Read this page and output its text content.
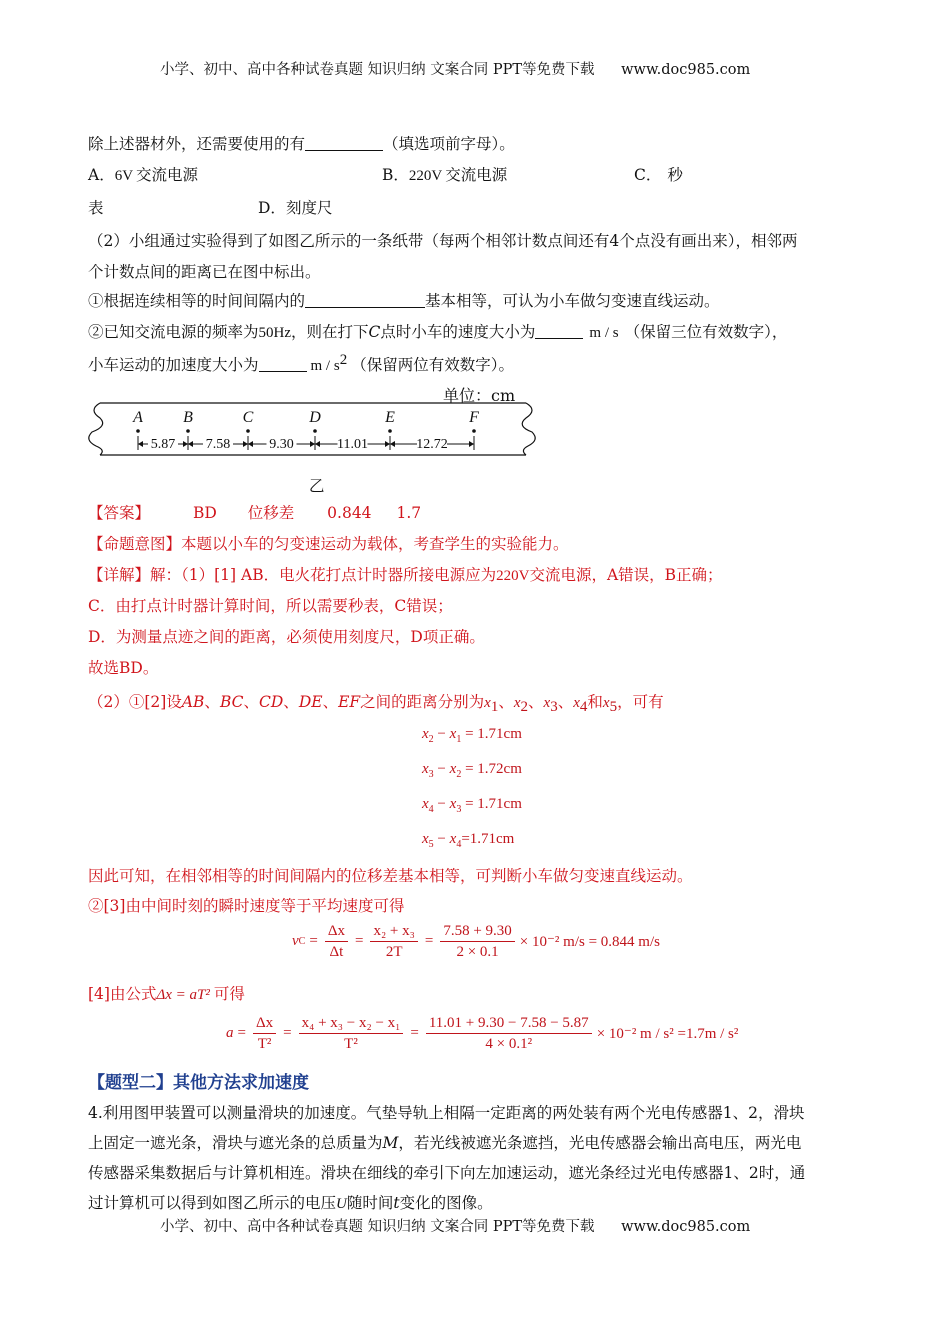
小学、初中、高中各种试卷真题 知识归纳 文案合同 PPT等免费下载 www.doc985.com
除上述器材外，还需要使用的有	（填选项前字母）。
A．6V 交流电源	B．220V 交流电源	C． 秒
表	D．刻度尺
（2）小组通过实验得到了如图乙所示的一条纸带（每两个相邻计数点间还有4个点没有画出来），相邻两
个计数点间的距离已在图中标出。
①根据连续相等的时间间隔内的	基本相等，可认为小车做匀变速直线运动。
②已知交流电源的频率为50Hz，则在打下C点时小车的速度大小为	m / s （保留三位有效数字），
小车运动的加速度大小为	m / $s^2$ （保留两位有效数字）。
单位：cm
A	B	C	D	E	F
5.87 7.58	9.30	11.01	12.72
乙
【答案】	BD 位移差 0.844 1.7
【命题意图】本题以小车的匀变速运动为载体，考查学生的实验能力。
【详解】解：（1）[1] AB．电火花打点计时器所接电源应为220V交流电源，A错误，B正确；
C．由打点计时器计算时间，所以需要秒表，C错误；
D．为测量点迹之间的距离，必须使用刻度尺，D项正确。
故选BD。
（2）①[2]设AB、BC、CD、DE、EF之间的距离分别为$x_1$、$x_2$、$x_3$、$x_4$和$x_5$，可有
$x_2 - x_1 = 1.71cm$
$x_3 - x_2 = 1.72cm$
$x_4 - x_3 = 1.71cm$
$x_5 - x_4=1.71cm$
因此可知，在相邻相等的时间间隔内的位移差基本相等，可判断小车做匀变速直线运动。
②[3]由中间时刻的瞬时速度等于平均速度可得
v $C = \frac{\Delta x}{\Delta t} = \frac{\text{x₂ + x₃}}{2T} = \frac{7.58 + 9.30}{2 \times 0.1} \times 10^{-2}$ m/s = 0.844 m/s
[4]由公式Δx = aT² 可得
$a = \frac{\Delta x}{\text{T²}} = \frac{\text{x₄ + x₃ − x₂ − x₁}}{\text{T²}} = \frac{11.01 + 9.30 - 7.58 - 5.87}{\text{4 × 0.1²}} \times 10^{-2}$ m / s² =1.7m / s²
【题型二】其他方法求加速度
4.利用图甲装置可以测量滑块的加速度。气垫导轨上相隔一定距离的两处装有两个光电传感器1、2，滑块
上固定一遮光条，滑块与遮光条的总质量为M，若光线被遮光条遮挡，光电传感器会输出高电压，两光电
传感器采集数据后与计算机相连。滑块在细线的牵引下向左加速运动，遮光条经过光电传感器1、2时，通
过计算机可以得到如图乙所示的电压U随时间t变化的图像。
小学、初中、高中各种试卷真题 知识归纳 文案合同 PPT等免费下载 www.doc985.com
